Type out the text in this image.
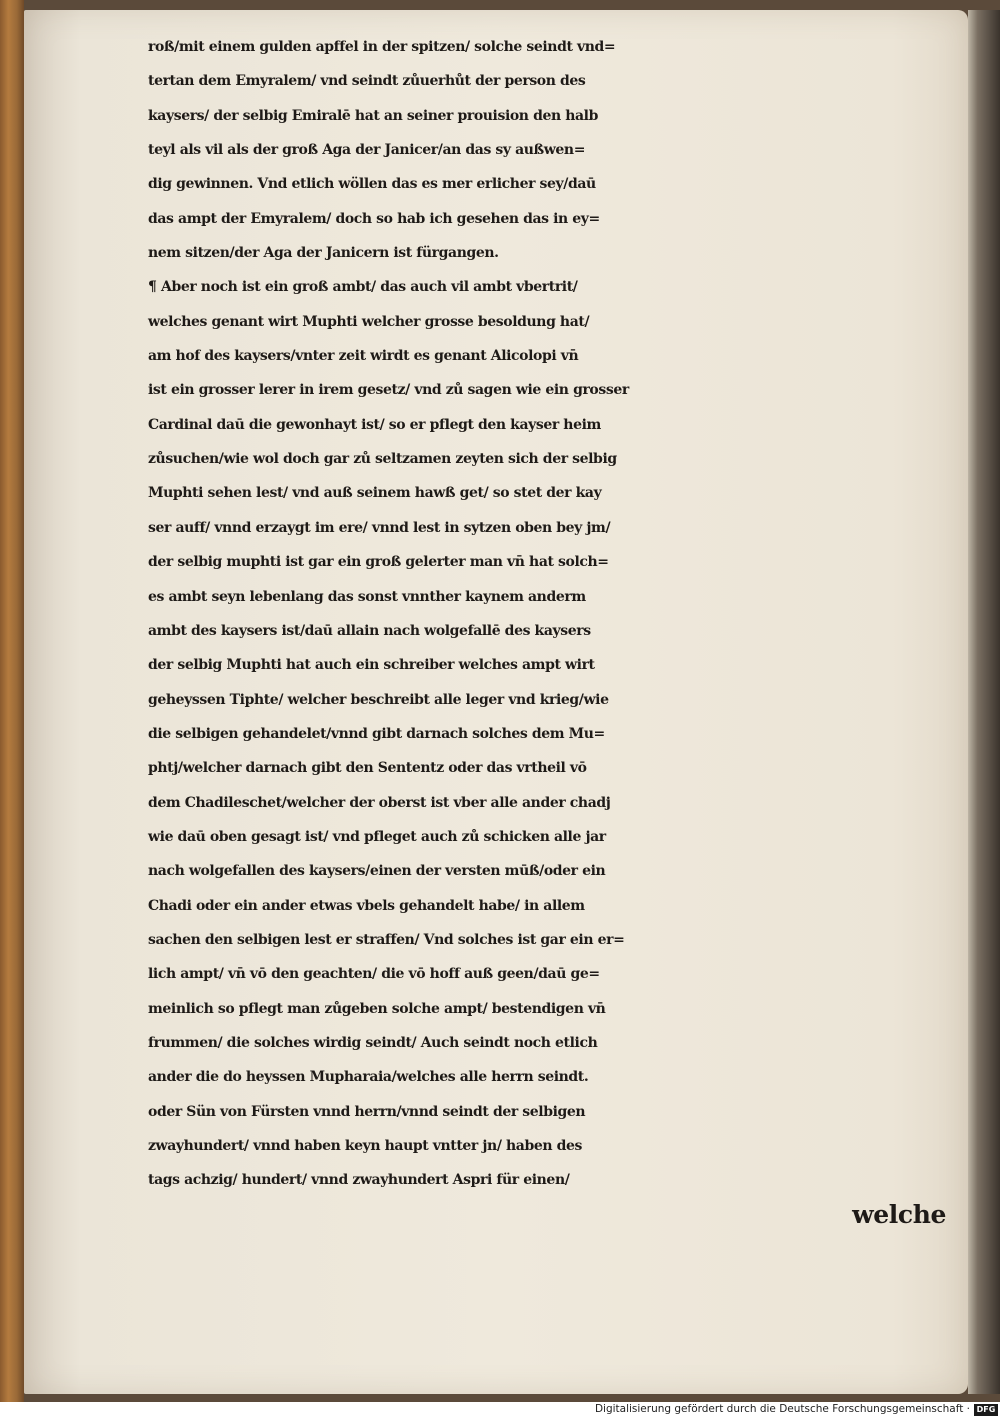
roß/mit einem gulden apffel in der spitzen/ solche seindt vnd=
tertan dem Emyralem/ vnd seindt zůuerhůt der person des
kaysers/ der selbig Emiralē hat an seiner prouision den halb
teyl als vil als der groß Aga der Janicer/an das sy außwen=
dig gewinnen. Vnd etlich wöllen das es mer erlicher sey/daū
das ampt der Emyralem/ doch so hab ich gesehen das in ey=
nem sitzen/der Aga der Janicern ist fürgangen.
¶ Aber noch ist ein groß ambt/ das auch vil ambt vbertrit/
welches genant wirt Muphti welcher grosse besoldung hat/
am hof des kaysers/vnter zeit wirdt es genant Alicolopi vn̄
ist ein grosser lerer in irem gesetz/ vnd zů sagen wie ein grosser
Cardinal daū die gewonhayt ist/ so er pflegt den kayser heim
zůsuchen/wie wol doch gar zů seltzamen zeyten sich der selbig
Muphti sehen lest/ vnd auß seinem hawß get/ so stet der kay
ser auff/ vnnd erzaygt im ere/ vnnd lest in sytzen oben bey jm/
der selbig muphti ist gar ein groß gelerter man vn̄ hat solch=
es ambt seyn lebenlang das sonst vnnther kaynem anderm
ambt des kaysers ist/daū allain nach wolgefallē des kaysers
der selbig Muphti hat auch ein schreiber welches ampt wirt
geheyssen Tiphte/ welcher beschreibt alle leger vnd krieg/wie
die selbigen gehandelet/vnnd gibt darnach solches dem Mu=
phtj/welcher darnach gibt den Sententz oder das vrtheil vō
dem Chadileschet/welcher der oberst ist vber alle ander chadj
wie daū oben gesagt ist/ vnd pfleget auch zů schicken alle jar
nach wolgefallen des kaysers/einen der versten mūß/oder ein
Chadi oder ein ander etwas vbels gehandelt habe/ in allem
sachen den selbigen lest er straffen/ Vnd solches ist gar ein er=
lich ampt/ vn̄ vō den geachten/ die vō hoff auß geen/daū ge=
meinlich so pflegt man zůgeben solche ampt/ bestendigen vn̄
frummen/ die solches wirdig seindt/ Auch seindt noch etlich
ander die do heyssen Mupharaia/welches alle herrn seindt.
oder Sün von Fürsten vnnd herrn/vnnd seindt der selbigen
zwayhundert/ vnnd haben keyn haupt vntter jn/ haben des
tags achzig/ hundert/ vnnd zwayhundert Aspri für einen/
welche
Digitalisierung gefördert durch die Deutsche Forschungsgemeinschaft · DFG
